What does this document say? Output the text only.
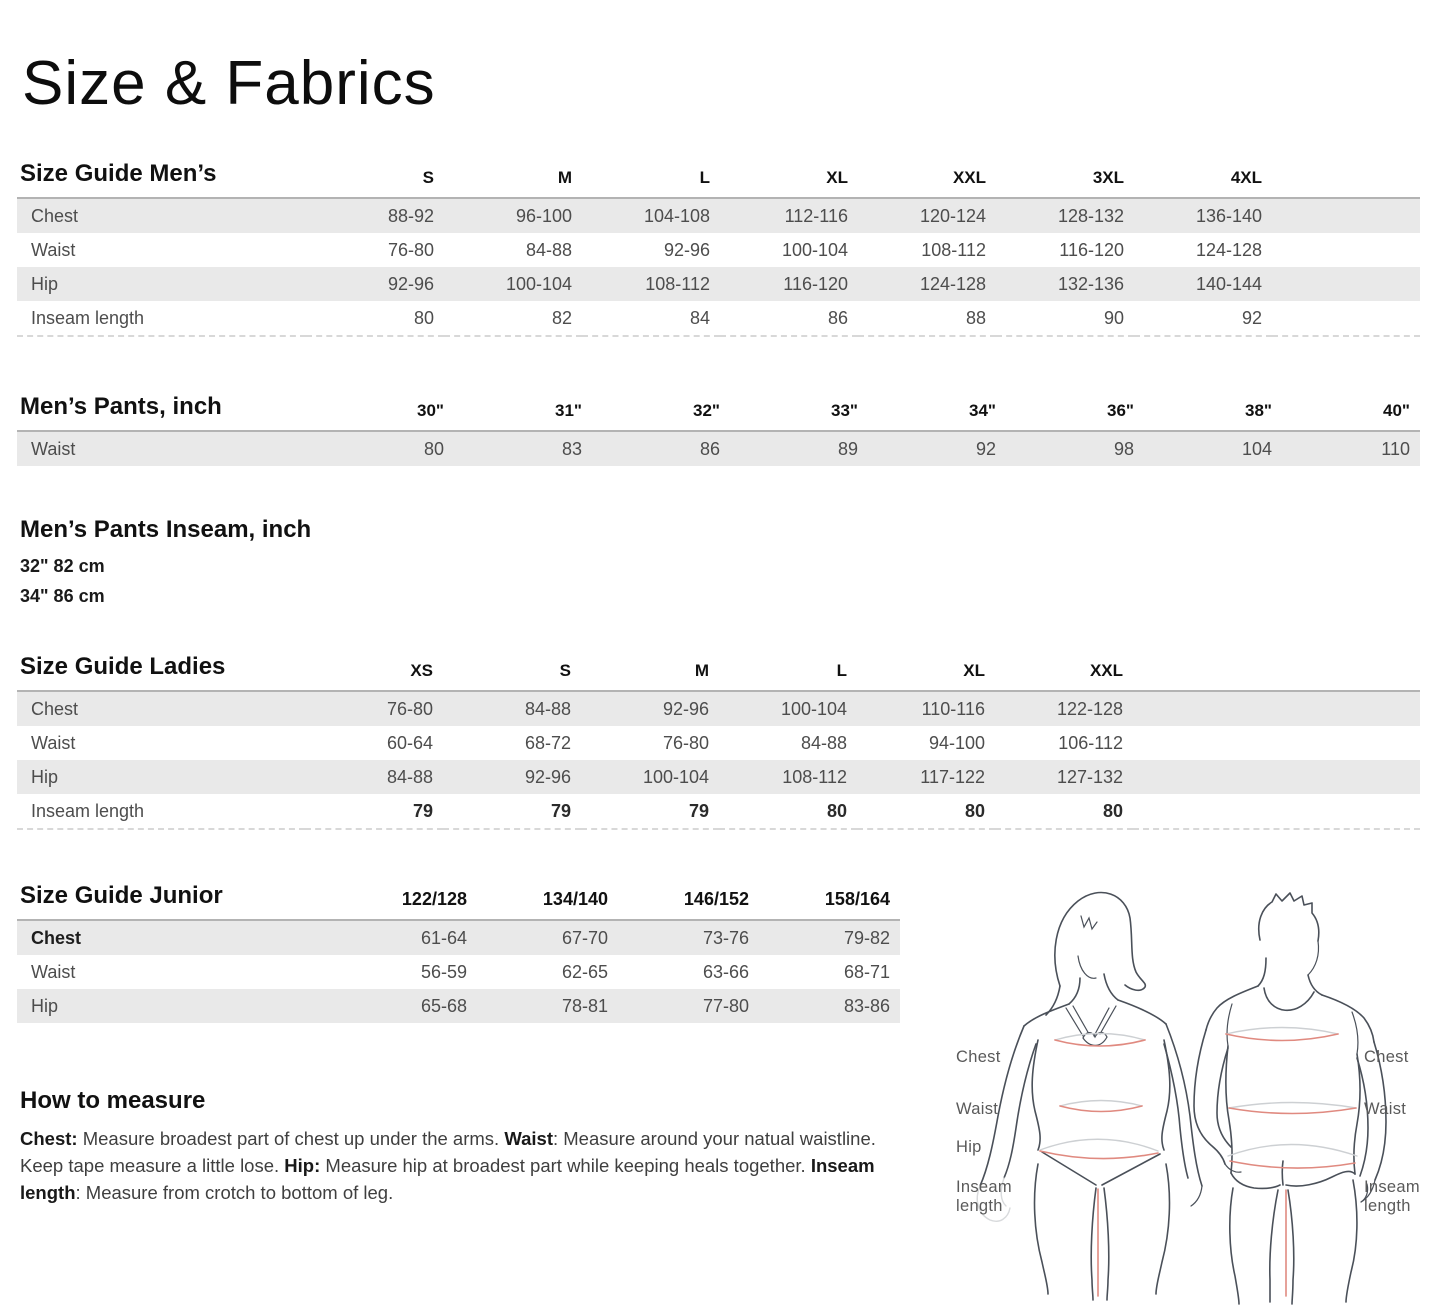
Size & Fabrics
Size Guide Men’s	S	M	L	XL	XXL	3XL	4XL	
Chest	88-92	96-100	104-108	112-116	120-124	128-132	136-140	
Waist	76-80	84-88	92-96	100-104	108-112	116-120	124-128	
Hip	92-96	100-104	108-112	116-120	124-128	132-136	140-144	
Inseam length	80	82	84	86	88	90	92	
Men’s Pants, inch	30"	31"	32"	33"	34"	36"	38"	40"
Waist	80	83	86	89	92	98	104	110
Men’s Pants Inseam, inch

32" 82 cm

34" 86 cm

Size Guide Ladies	XS	S	M	L	XL	XXL	
Chest	76-80	84-88	92-96	100-104	110-116	122-128	
Waist	60-64	68-72	76-80	84-88	94-100	106-112	
Hip	84-88	92-96	100-104	108-112	117-122	127-132	
Inseam length	79	79	79	80	80	80	
Size Guide Junior	122/128	134/140	146/152	158/164
Chest	61-64	67-70	73-76	79-82
Waist	56-59	62-65	63-66	68-71
Hip	65-68	78-81	77-80	83-86
How to measure

Chest: Measure broadest part of chest up under the arms. Waist: Measure around your natual waistline. Keep tape measure a little lose. Hip: Measure hip at broadest part while keeping heals together. Inseam length: Measure from crotch to bottom of leg.

Chest
Waist
Hip
Inseam length
Chest
Waist
Inseam length
